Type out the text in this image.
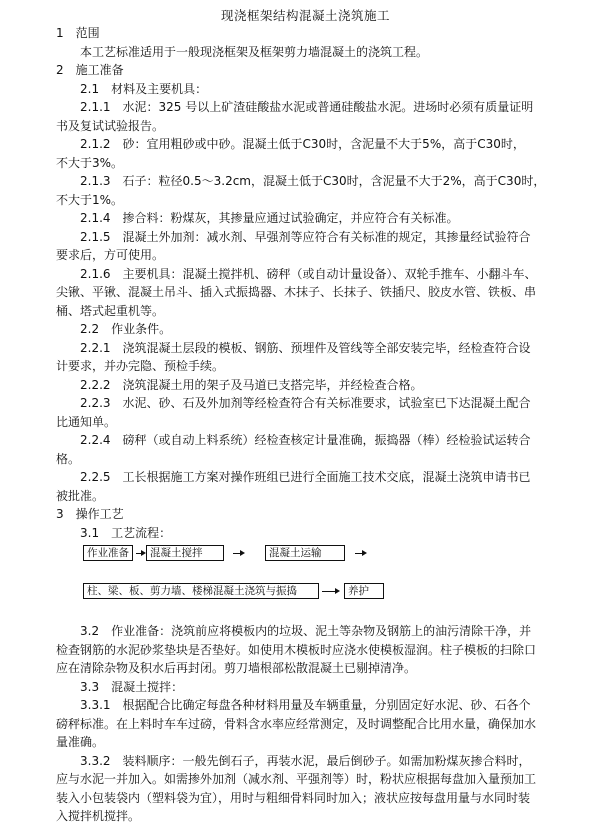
现浇框架结构混凝土浇筑施工
1　范围
本工艺标准适用于一般现浇框架及框架剪力墙混凝土的浇筑工程。
2　施工准备
2.1　材料及主要机具：
2.1.1　水泥：325 号以上矿渣硅酸盐水泥或普通硅酸盐水泥。进场时必须有质量证明
书及复试试验报告。
2.1.2　砂：宜用粗砂或中砂。混凝土低于C30时，含泥量不大于5%，高于C30时，
不大于3%。
2.1.3　石子：粒径0.5～3.2cm，混凝土低于C30时，含泥量不大于2%，高于C30时，
不大于1%。
2.1.4　掺合料：粉煤灰，其掺量应通过试验确定，并应符合有关标准。
2.1.5　混凝土外加剂：减水剂、早强剂等应符合有关标准的规定，其掺量经试验符合
要求后，方可使用。
2.1.6　主要机具：混凝土搅拌机、磅秤（或自动计量设备）、双轮手推车、小翻斗车、
尖锹、平锹、混凝土吊斗、插入式振捣器、木抹子、长抹子、铁插尺、胶皮水管、铁板、串
桶、塔式起重机等。
2.2　作业条件。
2.2.1　浇筑混凝土层段的模板、钢筋、预埋件及管线等全部安装完毕，经检查符合设
计要求，并办完隐、预检手续。
2.2.2　浇筑混凝土用的架子及马道已支搭完毕，并经检查合格。
2.2.3　水泥、砂、石及外加剂等经检查符合有关标准要求，试验室已下达混凝土配合
比通知单。
2.2.4　磅秤（或自动上料系统）经检查核定计量准确，振捣器（棒）经检验试运转合
格。
2.2.5　工长根据施工方案对操作班组已进行全面施工技术交底，混凝土浇筑申请书已
被批准。
3　操作工艺
3.1　工艺流程：
作业准备	混凝土搅拌	混凝土运输
柱、梁、板、剪力墙、楼梯混凝土浇筑与振捣	养护
3.2　作业准备：浇筑前应将模板内的垃圾、泥土等杂物及钢筋上的油污清除干净，并
检查钢筋的水泥砂浆垫块是否垫好。如使用木模板时应浇水使模板湿润。柱子模板的扫除口
应在清除杂物及积水后再封闭。剪刀墙根部松散混凝土已剔掉清净。
3.3　混凝土搅拌：
3.3.1　根据配合比确定每盘各种材料用量及车辆重量，分别固定好水泥、砂、石各个
磅秤标准。在上料时车车过磅，骨料含水率应经常测定，及时调整配合比用水量，确保加水
量准确。
3.3.2　装料顺序：一般先倒石子，再装水泥，最后倒砂子。如需加粉煤灰掺合料时，
应与水泥一并加入。如需掺外加剂（减水剂、平强剂等）时，粉状应根据每盘加入量预加工
装入小包装袋内（塑料袋为宜），用时与粗细骨料同时加入；液状应按每盘用量与水同时装
入搅拌机搅拌。
